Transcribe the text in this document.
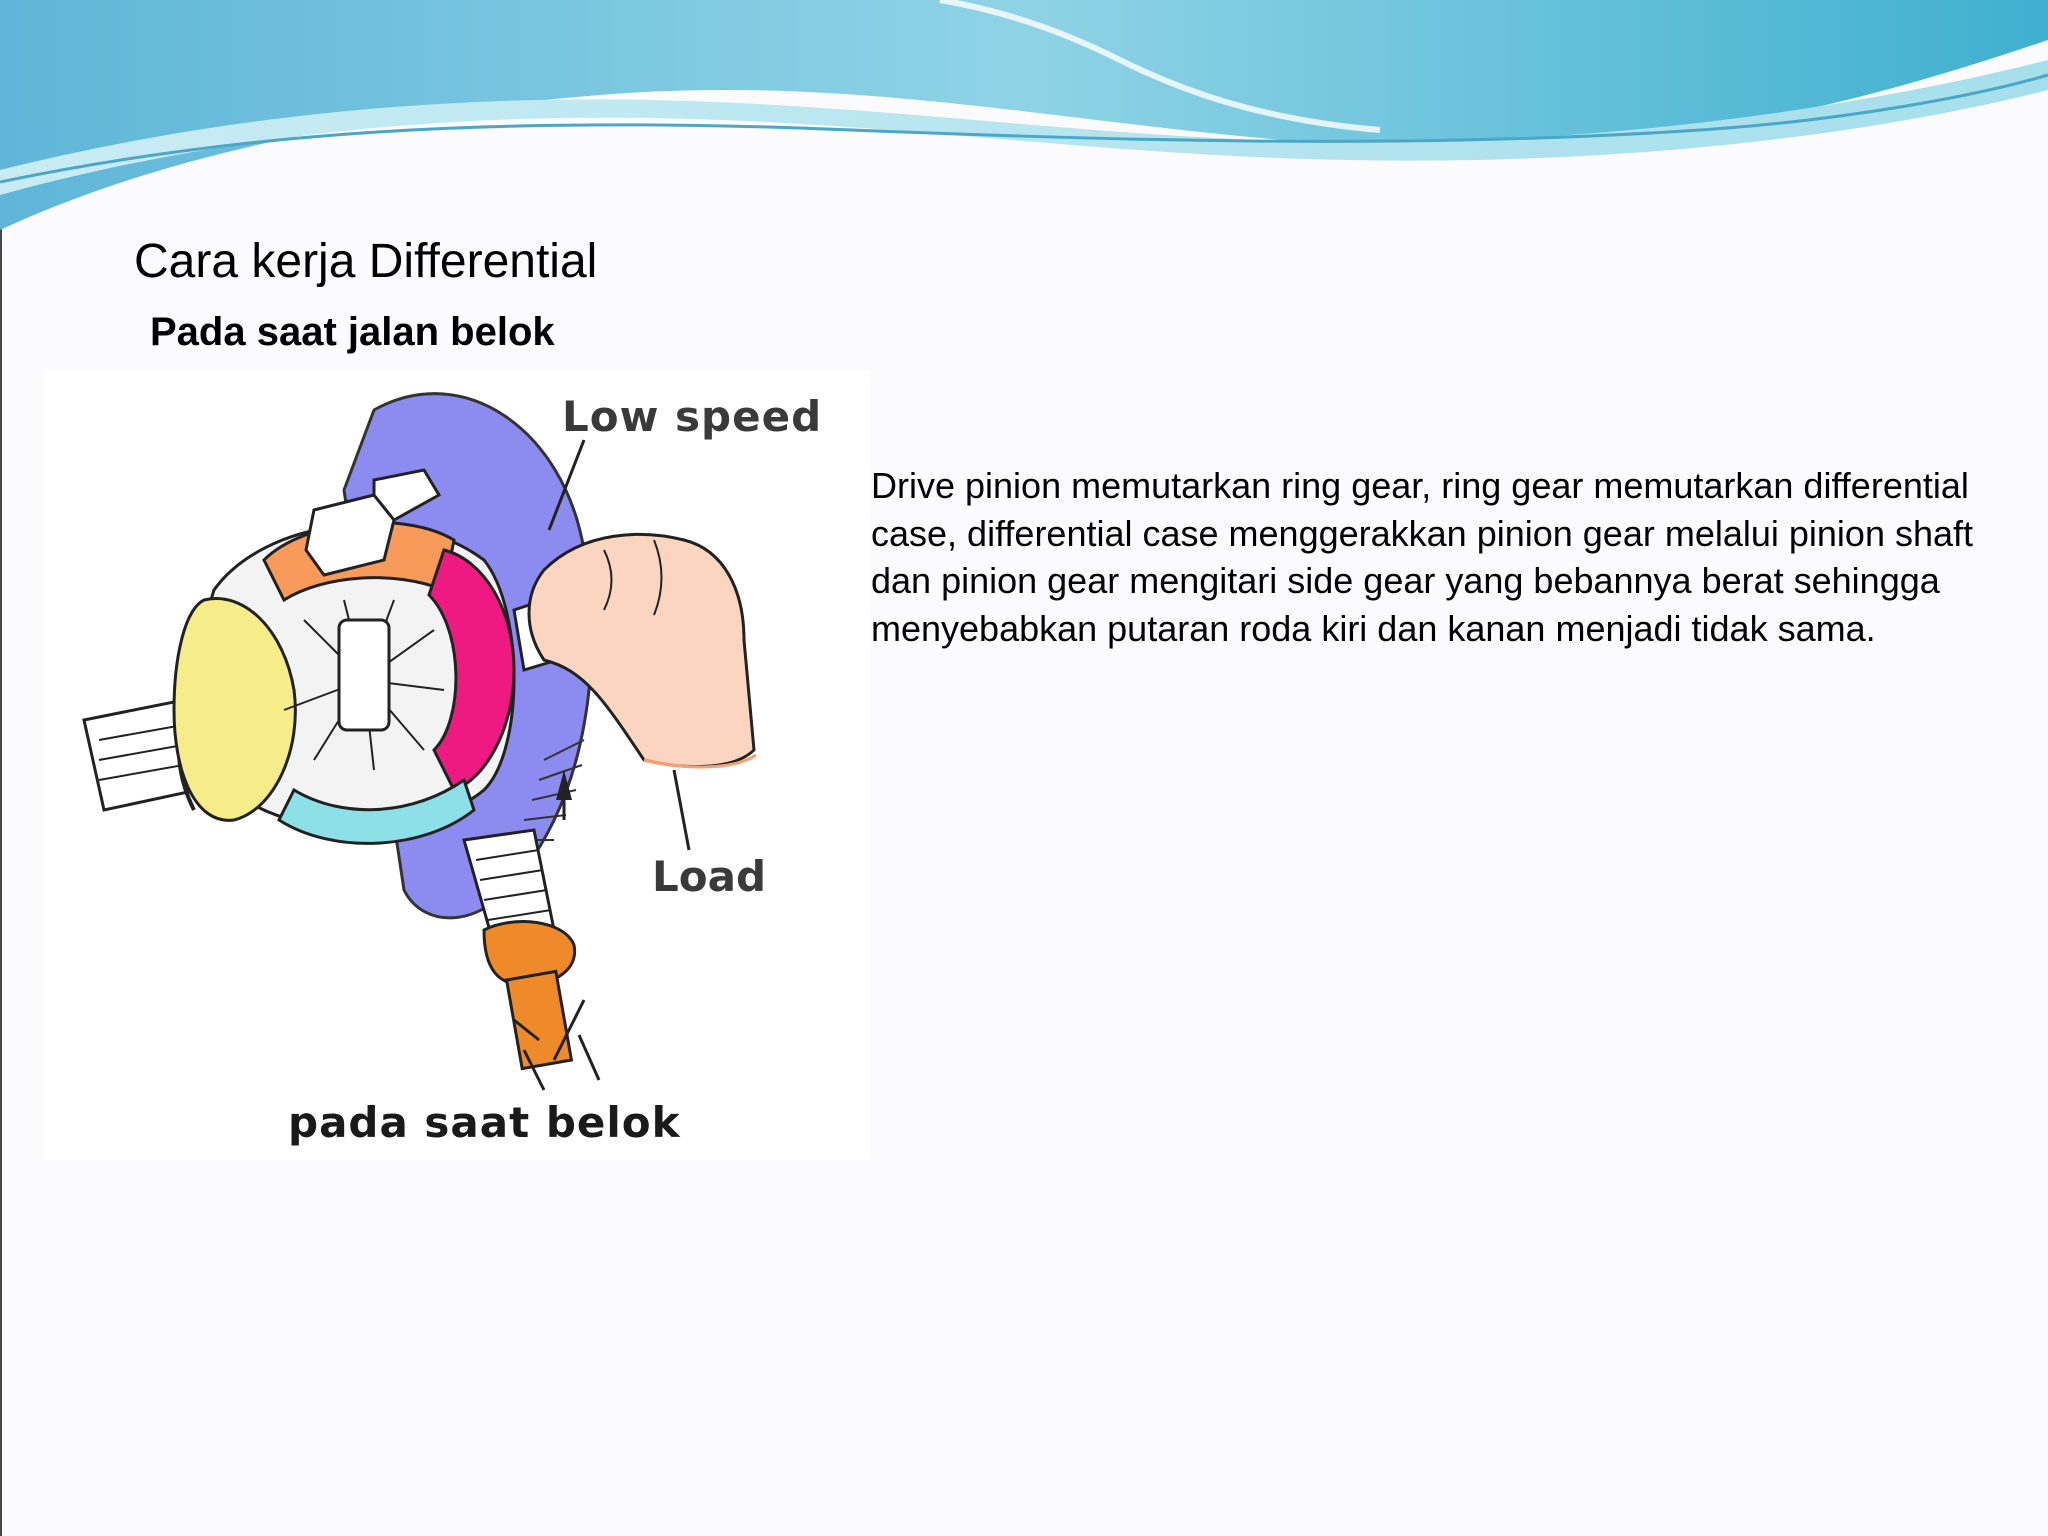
Cara kerja Differential
Pada saat jalan belok
Low speed
Load
pada saat belok

Drive pinion memutarkan ring gear, ring gear memutarkan differential case, differential case menggerakkan pinion gear melalui pinion shaft dan pinion gear mengitari side gear yang bebannya berat sehingga menyebabkan putaran roda kiri dan kanan menjadi tidak sama.
